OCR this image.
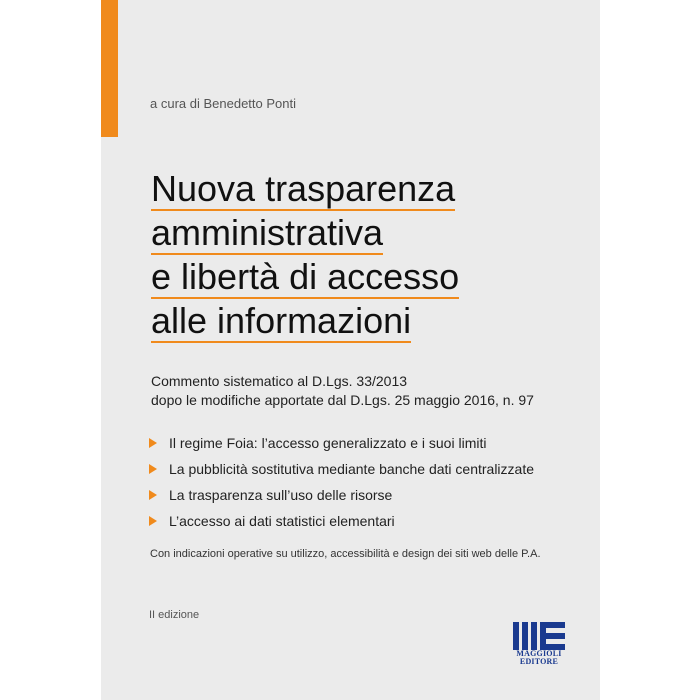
a cura di Benedetto Ponti
Nuova trasparenza
amministrativa
e libertà di accesso
alle informazioni
Commento sistematico al D.Lgs. 33/2013
dopo le modifiche apportate dal D.Lgs. 25 maggio 2016, n. 97
Il regime Foia: l’accesso generalizzato e i suoi limiti
La pubblicità sostitutiva mediante banche dati centralizzate
La trasparenza sull’uso delle risorse
L’accesso ai dati statistici elementari
Con indicazioni operative su utilizzo, accessibilità e design dei siti web delle P.A.
II edizione
MAGGIOLI
EDITORE
